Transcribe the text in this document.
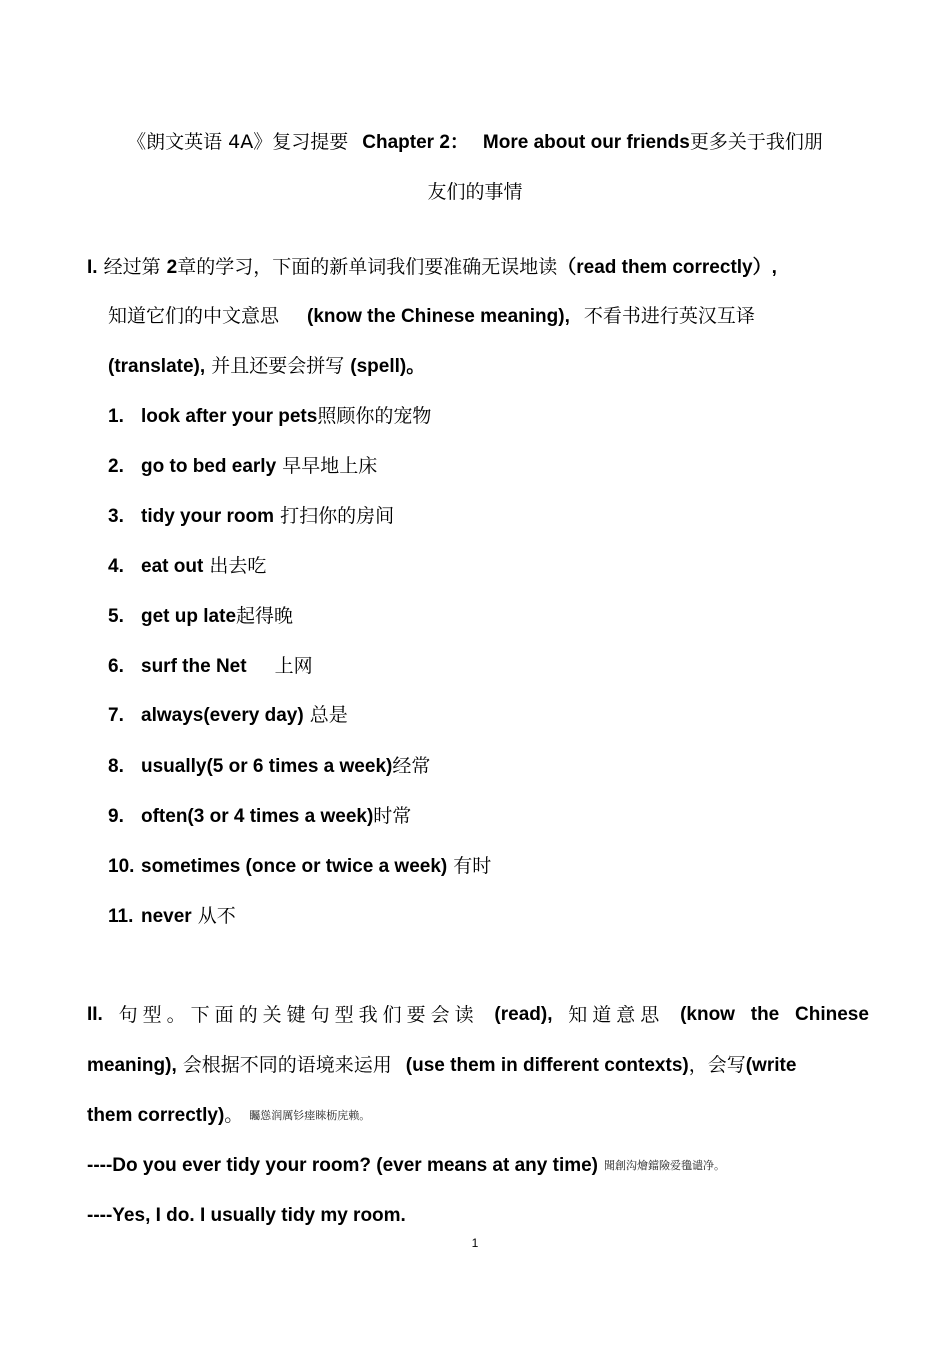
《朗文英语 4A》复习提要 Chapter 2： More about our friends更多关于我们朋
友们的事情
I. 经过第 2章的学习，下面的新单词我们要准确无误地读（read them correctly）,
知道它们的中文意思 (know the Chinese meaning), 不看书进行英汉互译
(translate), 并且还要会拼写 (spell)。
1. look after your pets照顾你的宠物
2. go to bed early 早早地上床
3. tidy your room 打扫你的房间
4. eat out 出去吃
5. get up late起得晚
6. surf the Net 上网
7. always(every day) 总是
8. usually(5 or 6 times a week)经常
9. often(3 or 4 times a week)时常
10. sometimes (once or twice a week) 有时
11. never 从不
II. 句型。下面的关键句型我们要会读 (read), 知道意思 (know the Chinese
meaning), 会根据不同的语境来运用 (use them in different contexts)，会写(write
them correctly)。 矚慫润厲钐瘗睞枥庑赖。
----Do you ever tidy your room? (ever means at any time) 聞創沟燴鐺險爱氇谴净。
----Yes, I do. I usually tidy my room.
1
